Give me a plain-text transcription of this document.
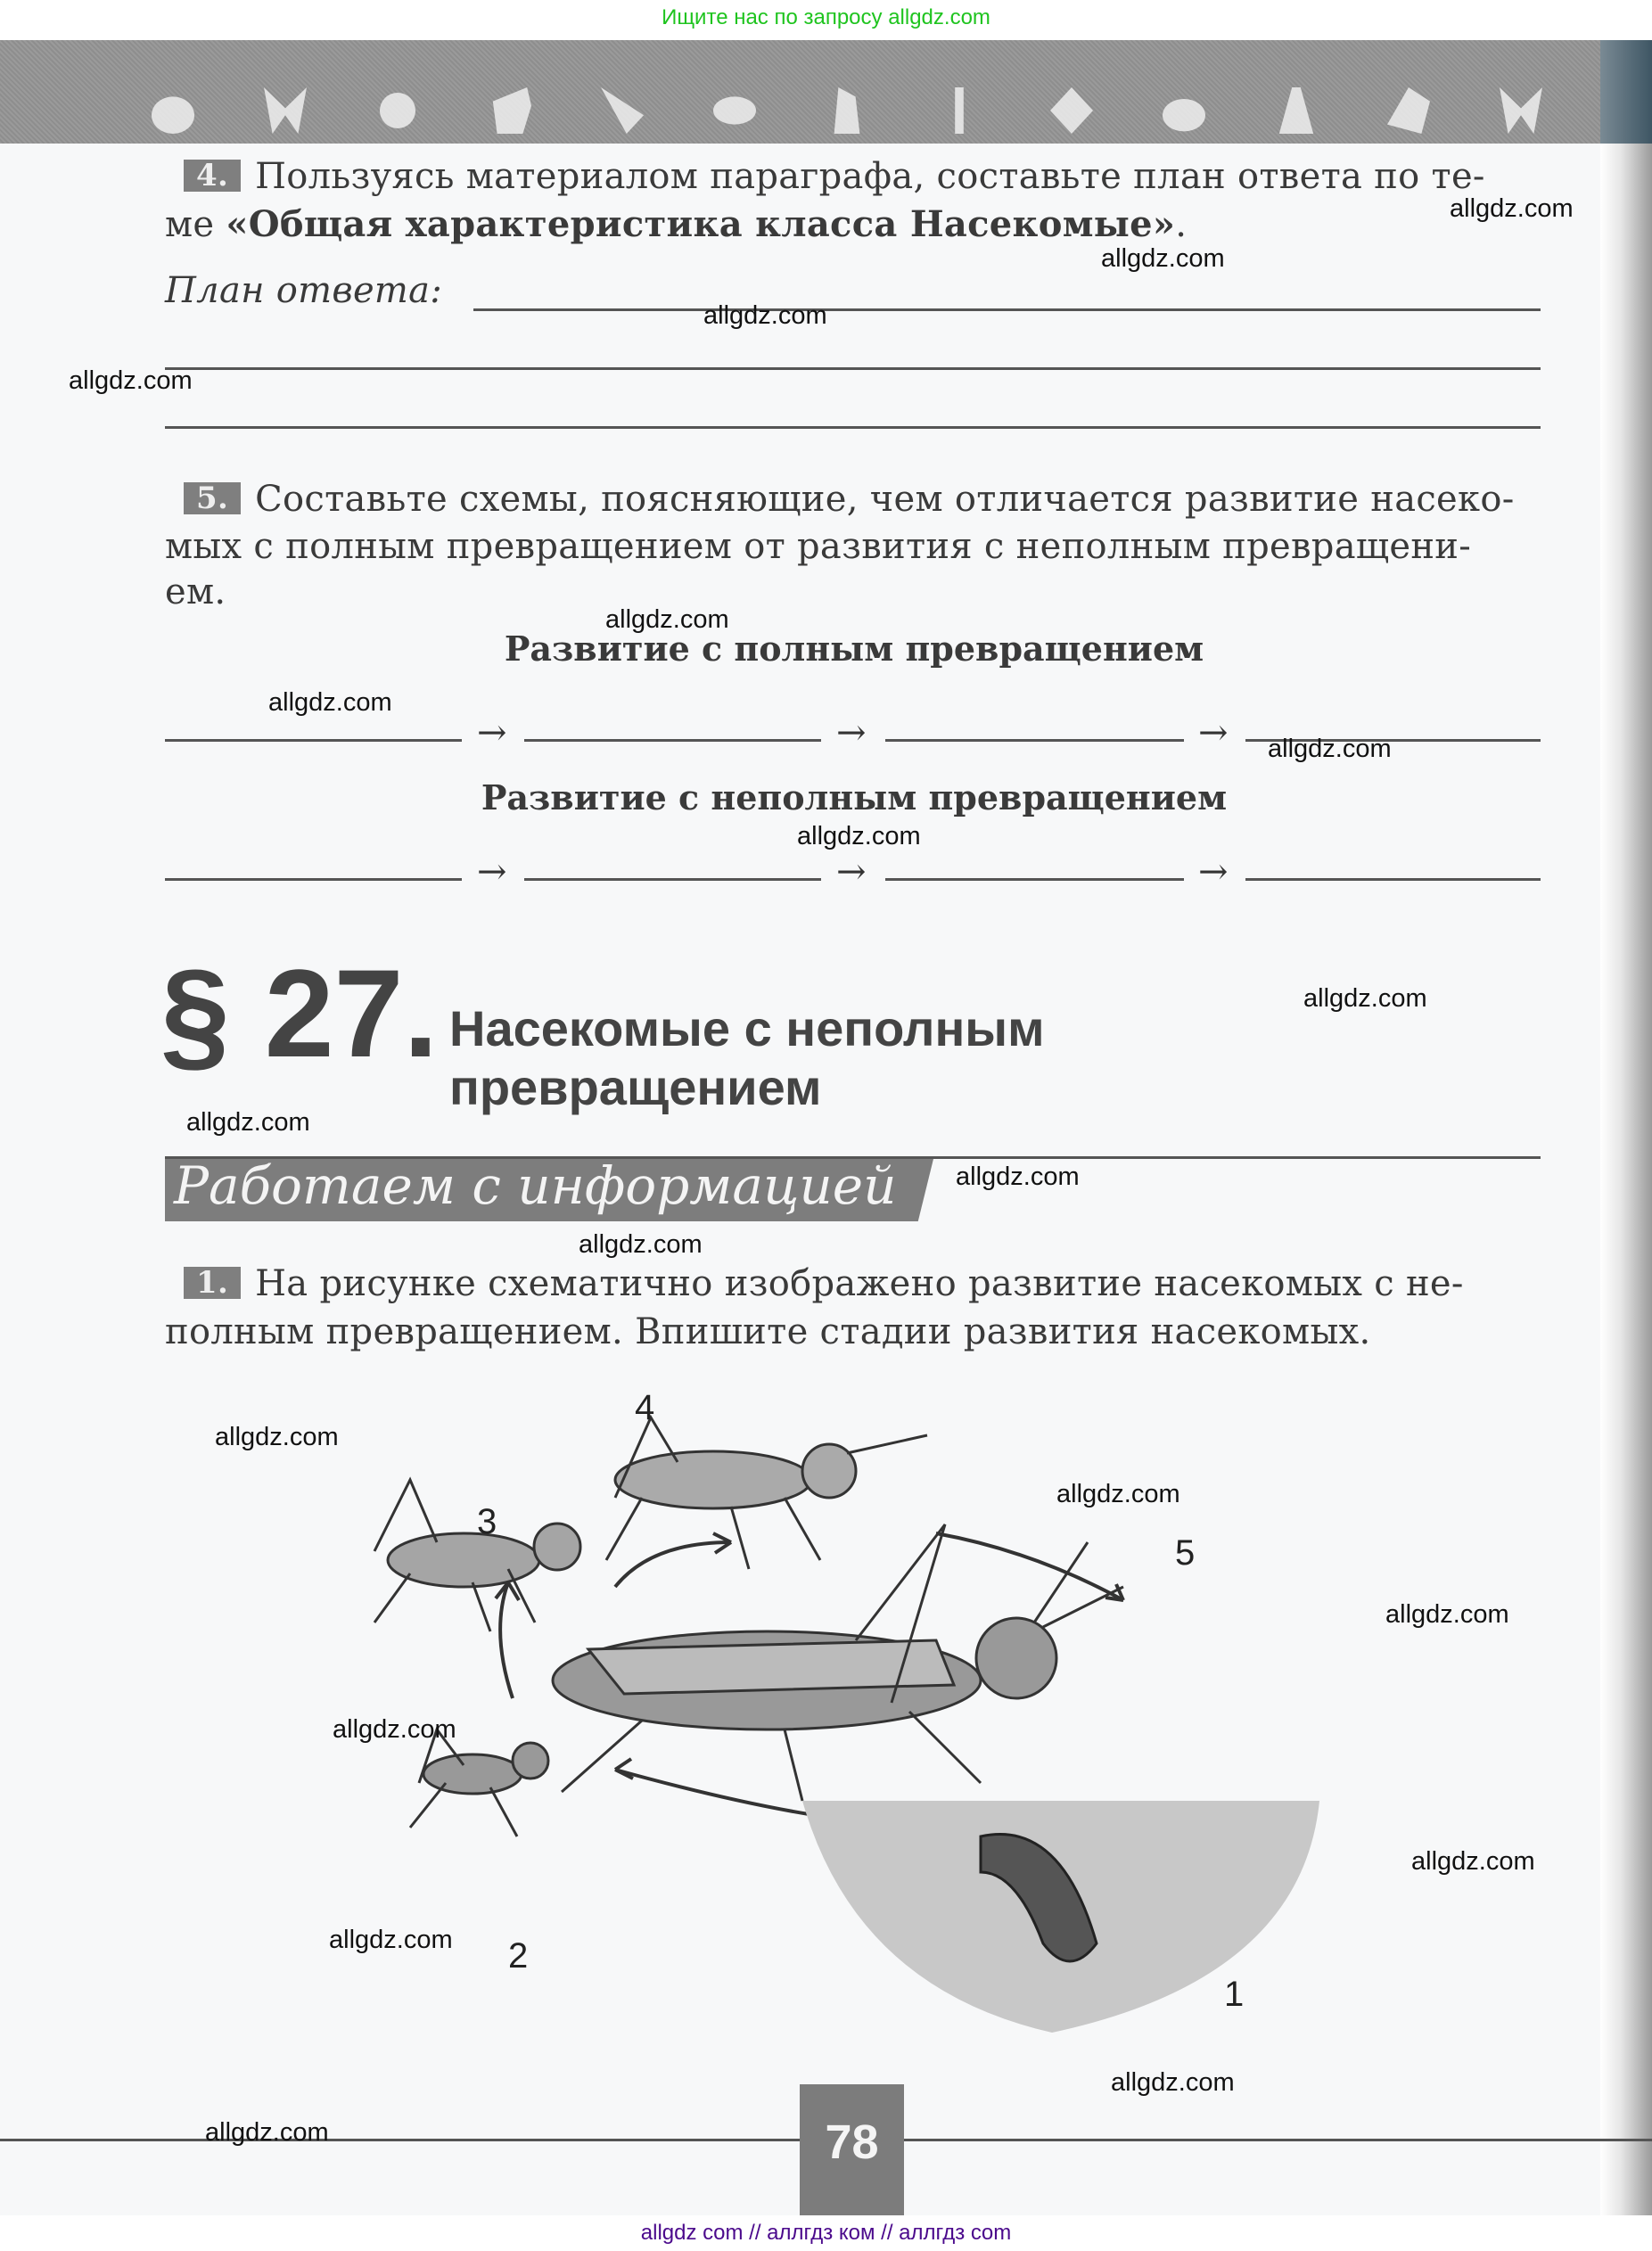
Ищите нас по запросу allgdz.com
4. Пользуясь материалом параграфа, составьте план ответа по те-
ме «Общая характеристика класса Насекомые».
План ответа:
5. Составьте схемы, поясняющие, чем отличается развитие насеко-
мых с полным превращением от развития с неполным превращени-
ем.
Развитие с полным превращением
→	→	→
Развитие с неполным превращением
→	→	→
§ 27. Насекомые с неполным
превращением
Работаем с информацией
1. На рисунке схематично изображено развитие насекомых с не-
полным превращением. Впишите стадии развития насекомых.
1
2
3
4
5
78
allgdz.com
allgdz.com
allgdz.com
allgdz.com
allgdz.com
allgdz.com
allgdz.com
allgdz.com
allgdz.com
allgdz.com
allgdz.com
allgdz.com
allgdz.com
allgdz.com
allgdz.com
allgdz.com
allgdz.com
allgdz.com
allgdz.com
allgdz.com
allgdz com // аллгдз ком // аллгдз com
